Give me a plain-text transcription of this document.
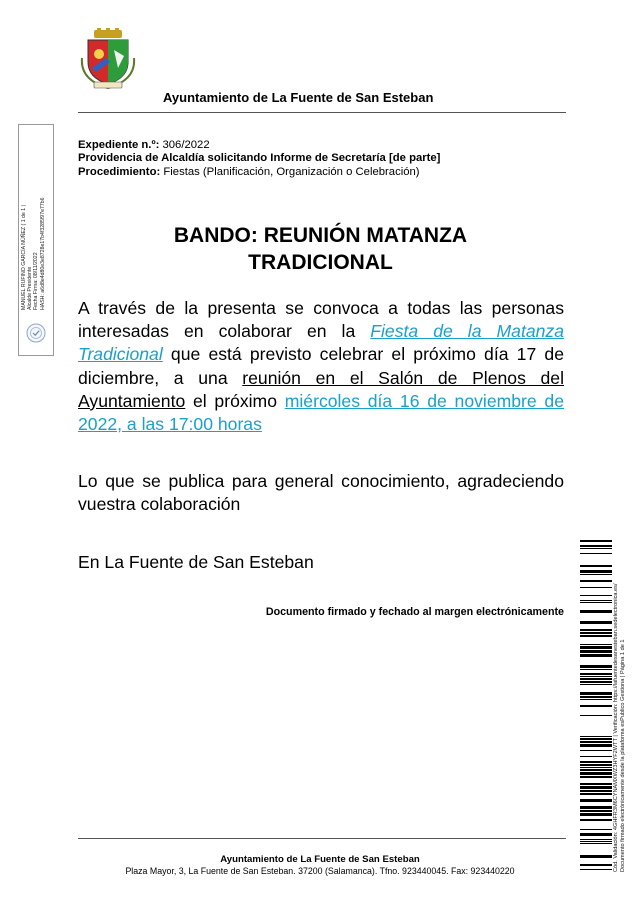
Ayuntamiento de La Fuente de San Esteban
MANUEL RUFINO GARCÍA NÚÑEZ ( 1 de 1 ) Alcalde Presidente Fecha Firma: 08/11/2022 HASH: a6d8e4d80e3e8728e17b4f3285f97e77b6
Expediente n.º: 306/2022
Providencia de Alcaldía solicitando Informe de Secretaría [de parte]
Procedimiento: Fiestas (Planificación, Organización o Celebración)
BANDO: REUNIÓN MATANZA
TRADICIONAL
A través de la presenta se convoca a todas las personas interesadas en colaborar en la Fiesta de la Matanza Tradicional que está previsto celebrar el próximo día 17 de diciembre, a una reunión en el Salón de Plenos del Ayuntamiento el próximo miércoles día 16 de noviembre de 2022, a las 17:00 horas
Lo que se publica para general conocimiento, agradeciendo vuestra colaboración
En La Fuente de San Esteban
Documento firmado y fechado al margen electrónicamente	Cód. Validación: 4GHFR3M6CYNAMXWZ3HYF2WTT | Verificación: https://lafuentedesanesteban.sedelectronica.es/ Documento firmado electrónicamente desde la plataforma esPublico Gestiona | Página 1 de 1
Ayuntamiento de La Fuente de San Esteban
Plaza Mayor, 3, La Fuente de San Esteban. 37200 (Salamanca). Tfno. 923440045. Fax: 923440220
